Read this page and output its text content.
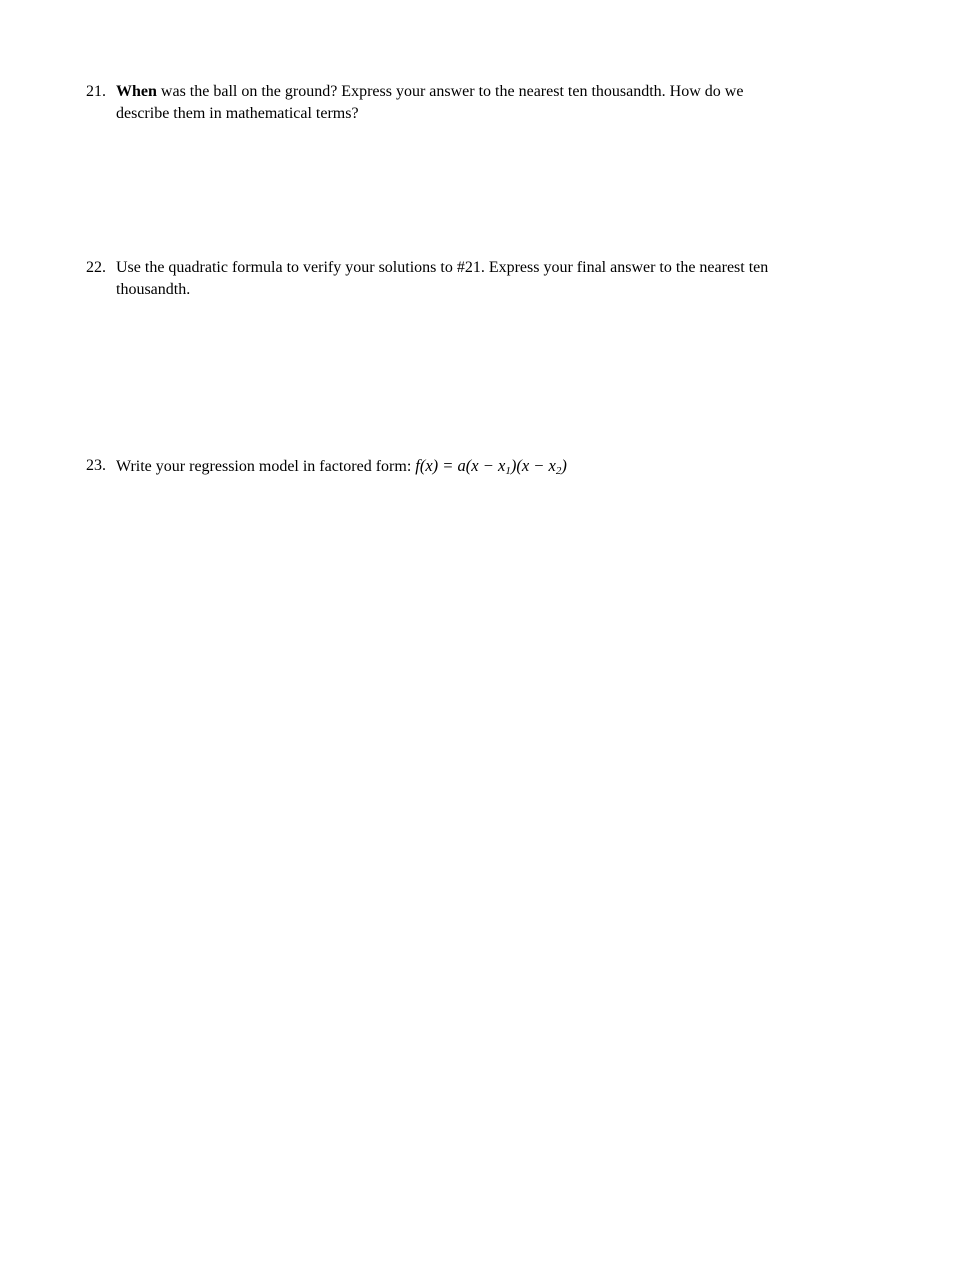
21. When was the ball on the ground? Express your answer to the nearest ten thousandth. How do we
describe them in mathematical terms?
22. Use the quadratic formula to verify your solutions to #21. Express your final answer to the nearest ten
thousandth.
23. Write your regression model in factored form: $f(x) = a(x - x_1)(x - x_2)$
